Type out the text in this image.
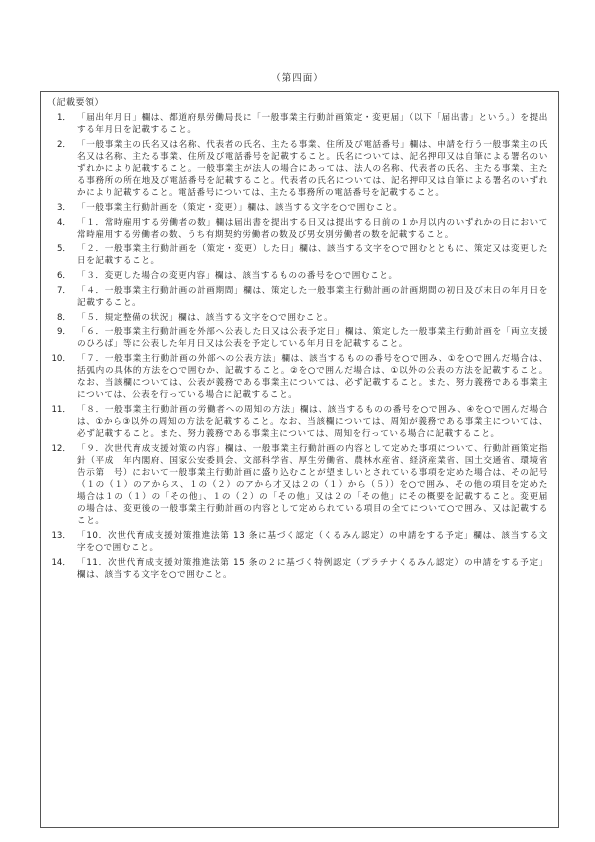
（第四面）
（記載要領）
1． 「届出年月日」欄は、都道府県労働局長に「一般事業主行動計画策定・変更届」（以下「届出書」という。）を提出する年月日を記載すること。
2． 「一般事業主の氏名又は名称、代表者の氏名、主たる事業、住所及び電話番号」欄は、申請を行う一般事業主の氏名又は名称、主たる事業、住所及び電話番号を記載すること。氏名については、記名押印又は自筆による署名のいずれかにより記載すること。一般事業主が法人の場合にあっては、法人の名称、代表者の氏名、主たる事業、主たる事務所の所在地及び電話番号を記載すること。代表者の氏名については、記名押印又は自筆による署名のいずれかにより記載すること。電話番号については、主たる事務所の電話番号を記載すること。
3． 「一般事業主行動計画を（策定・変更）」欄は、該当する文字を○で囲むこと。
4． 「１．常時雇用する労働者の数」欄は届出書を提出する日又は提出する日前の１か月以内のいずれかの日において常時雇用する労働者の数、うち有期契約労働者の数及び男女別労働者の数を記載すること。
5． 「２．一般事業主行動計画を（策定・変更）した日」欄は、該当する文字を○で囲むとともに、策定又は変更した日を記載すること。
6． 「３．変更した場合の変更内容」欄は、該当するものの番号を○で囲むこと。
7． 「４．一般事業主行動計画の計画期間」欄は、策定した一般事業主行動計画の計画期間の初日及び末日の年月日を記載すること。
8． 「５．規定整備の状況」欄は、該当する文字を○で囲むこと。
9． 「６．一般事業主行動計画を外部へ公表した日又は公表予定日」欄は、策定した一般事業主行動計画を「両立支援のひろば」等に公表した年月日又は公表を予定している年月日を記載すること。
10． 「７．一般事業主行動計画の外部への公表方法」欄は、該当するものの番号を○で囲み、①を○で囲んだ場合は、括弧内の具体的方法を○で囲むか、記載すること。②を○で囲んだ場合は、①以外の公表の方法を記載すること。なお、当該欄については、公表が義務である事業主については、必ず記載すること。また、努力義務である事業主については、公表を行っている場合に記載すること。
11． 「８．一般事業主行動計画の労働者への周知の方法」欄は、該当するものの番号を○で囲み、④を○で囲んだ場合は、①から③以外の周知の方法を記載すること。なお、当該欄については、周知が義務である事業主については、必ず記載すること。また、努力義務である事業主については、周知を行っている場合に記載すること。
12． 「９．次世代育成支援対策の内容」欄は、一般事業主行動計画の内容として定めた事項について、行動計画策定指針（平成　年内閣府、国家公安委員会、文部科学省、厚生労働省、農林水産省、経済産業省、国土交通省、環境省告示第　号）において一般事業主行動計画に盛り込むことが望ましいとされている事項を定めた場合は、その記号（１の（１）のアからス、１の（２）のアから才又は２の（１）から（５））を○で囲み、その他の項目を定めた場合は１の（１）の「その他」、１の（２）の「その他」又は２の「その他」にその概要を記載すること。変更届の場合は、変更後の一般事業主行動計画の内容として定められている項目の全てについて○で囲み、又は記載すること。
13． 「10．次世代育成支援対策推進法第 13 条に基づく認定（くるみん認定）の申請をする予定」欄は、該当する文字を○で囲むこと。
14． 「11．次世代育成支援対策推進法第 15 条の２に基づく特例認定（プラチナくるみん認定）の申請をする予定」欄は、該当する文字を○で囲むこと。
